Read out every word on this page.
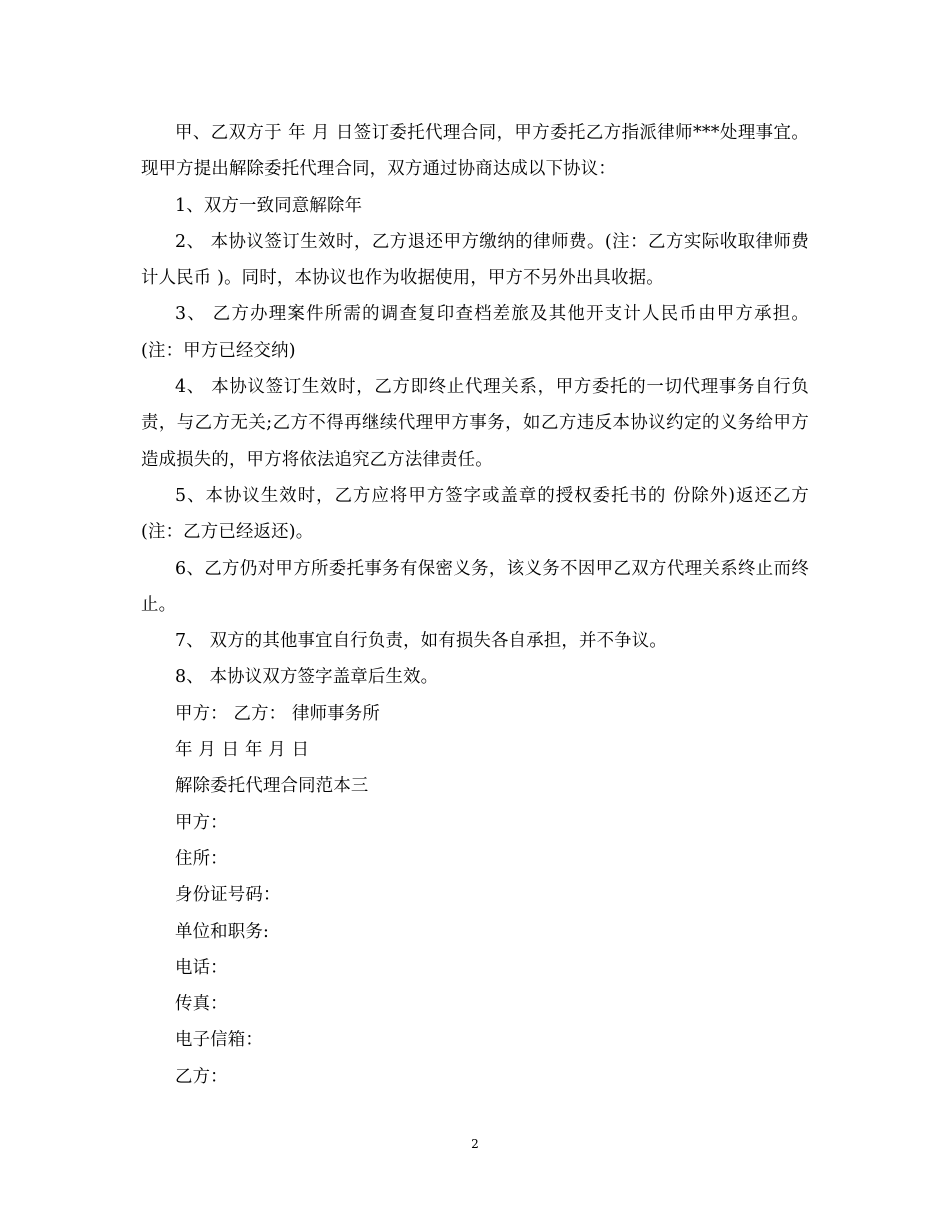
甲、乙双方于 年 月 日签订委托代理合同，甲方委托乙方指派律师***处理事宜。现甲方提出解除委托代理合同，双方通过协商达成以下协议：

1、双方一致同意解除年

2、 本协议签订生效时，乙方退还甲方缴纳的律师费。(注：乙方实际收取律师费计人民币 )。同时，本协议也作为收据使用，甲方不另外出具收据。

3、 乙方办理案件所需的调查复印查档差旅及其他开支计人民币由甲方承担。(注：甲方已经交纳)

4、 本协议签订生效时，乙方即终止代理关系，甲方委托的一切代理事务自行负责，与乙方无关;乙方不得再继续代理甲方事务，如乙方违反本协议约定的义务给甲方造成损失的，甲方将依法追究乙方法律责任。

5、本协议生效时，乙方应将甲方签字或盖章的授权委托书的 份除外)返还乙方(注：乙方已经返还)。

6、乙方仍对甲方所委托事务有保密义务，该义务不因甲乙双方代理关系终止而终止。

7、 双方的其他事宜自行负责，如有损失各自承担，并不争议。

8、 本协议双方签字盖章后生效。

甲方： 乙方： 律师事务所

年 月 日 年 月 日

解除委托代理合同范本三

甲方：

住所：

身份证号码：

单位和职务:

电话：

传真：

电子信箱：

乙方：

2
